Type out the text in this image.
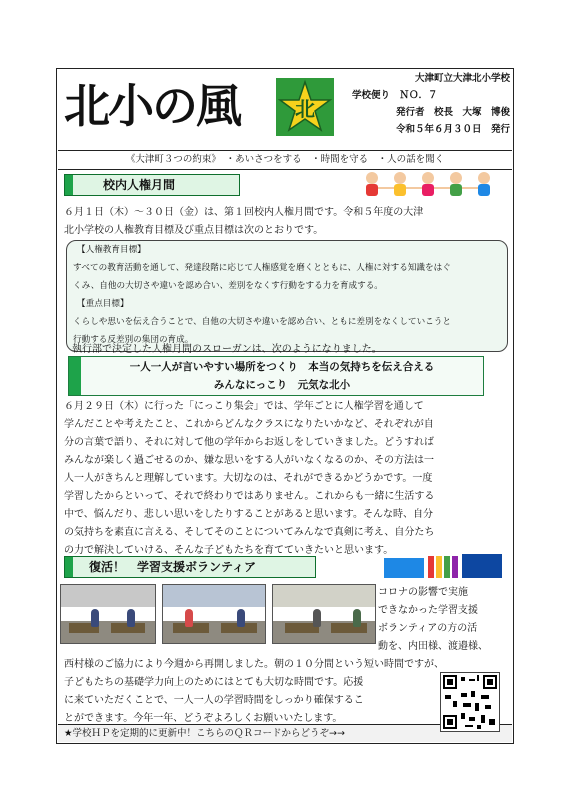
北小の風	北
大津町立大津北小学校
学校便り　ＮＯ．７
発行者　校長　大塚　博俊
令和５年６月３０日　発行
《大津町３つの約束》　・あいさつをする　・時間を守る　・人の話を聞く
校内人権月間

６月１日（木）～３０日（金）は、第１回校内人権月間です。令和５年度の大津

北小学校の人権教育目標及び重点目標は次のとおりです。

【人権教育目標】
すべての教育活動を通して、発達段階に応じて人権感覚を磨くとともに、人権に対する知識をはぐ
くみ、自他の大切さや違いを認め合い、差別をなくす行動をする力を育成する。
【重点目標】
くらしや思いを伝え合うことで、自他の大切さや違いを認め合い、ともに差別をなくしていこうと
行動する反差別の集団の育成。

執行部で決定した人権月間のスローガンは、次のようになりました。

一人一人が言いやすい場所をつくり　本当の気持ちを伝え合える
みんなにっこり　元気な北小

６月２９日（木）に行った「にっこり集会」では、学年ごとに人権学習を通して

学んだことや考えたこと、これからどんなクラスになりたいかなど、それぞれが自

分の言葉で語り、それに対して他の学年からお返しをしていきました。どうすれば

みんなが楽しく過ごせるのか、嫌な思いをする人がいなくなるのか、その方法は一

人一人がきちんと理解しています。大切なのは、それができるかどうかです。一度

学習したからといって、それで終わりではありません。これからも一緒に生活する

中で、悩んだり、悲しい思いをしたりすることがあると思います。そんな時、自分

の気持ちを素直に言える、そしてそのことについてみんなで真剣に考え、自分たち

の力で解決していける、そんな子どもたちを育てていきたいと思います。

復活！　学習支援ボランティア

コロナの影響で実施

できなかった学習支援

ボランティアの方の活

動を、内田様、渡邉様、

西村様のご協力により今週から再開しました。朝の１０分間という短い時間ですが、

子どもたちの基礎学力向上のためにはとても大切な時間です。応援

に来ていただくことで、一人一人の学習時間をしっかり確保するこ

とができます。今年一年、どうぞよろしくお願いいたします。

★学校ＨＰを定期的に更新中！こちらのＱＲコードからどうぞ→→
